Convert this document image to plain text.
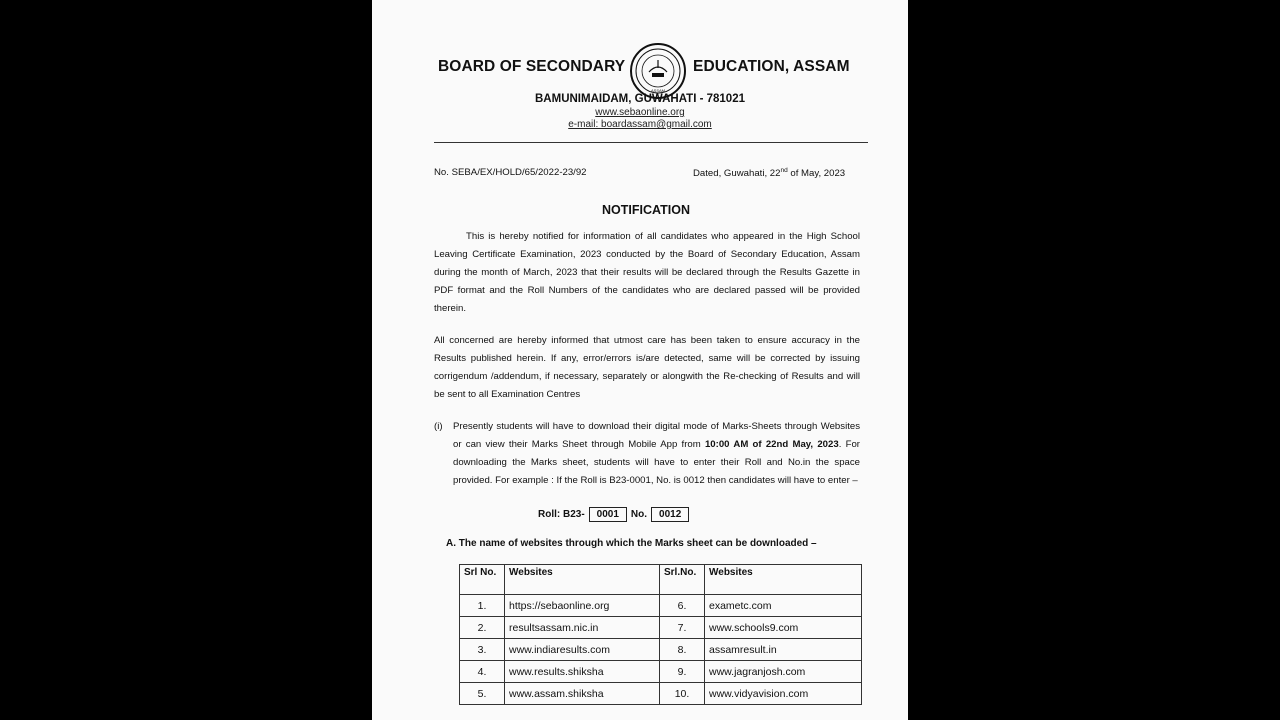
BOARD OF SECONDARY
ASSAM
EDUCATION, ASSAM
BAMUNIMAIDAM, GUWAHATI - 781021
www.sebaonline.org
e-mail: boardassam@gmail.com
No. SEBA/EX/HOLD/65/2022-23/92	Dated, Guwahati, 22nd of May, 2023
NOTIFICATION
This is hereby notified for information of all candidates who appeared in the High School Leaving Certificate Examination, 2023 conducted by the Board of Secondary Education, Assam during the month of March, 2023 that their results will be declared through the Results Gazette in PDF format and the Roll Numbers of the candidates who are declared passed will be provided therein.
All concerned are hereby informed that utmost care has been taken to ensure accuracy in the Results published herein. If any, error/errors is/are detected, same will be corrected by issuing corrigendum /addendum, if necessary, separately or alongwith the Re-checking of Results and will be sent to all Examination Centres
(i) Presently students will have to download their digital mode of Marks-Sheets through Websites or can view their Marks Sheet through Mobile App from 10:00 AM of 22nd May, 2023. For downloading the Marks sheet, students will have to enter their Roll and No.in the space provided. For example : If the Roll is B23-0001, No. is 0012 then candidates will have to enter –
Roll: B23-	0001	No.	0012
A. The name of websites through which the Marks sheet can be downloaded –
Srl No.	Websites	Srl.No.	Websites
1.	https://sebaonline.org	6.	exametc.com
2.	resultsassam.nic.in	7.	www.schools9.com
3.	www.indiaresults.com	8.	assamresult.in
4.	www.results.shiksha	9.	www.jagranjosh.com
5.	www.assam.shiksha	10.	www.vidyavision.com
